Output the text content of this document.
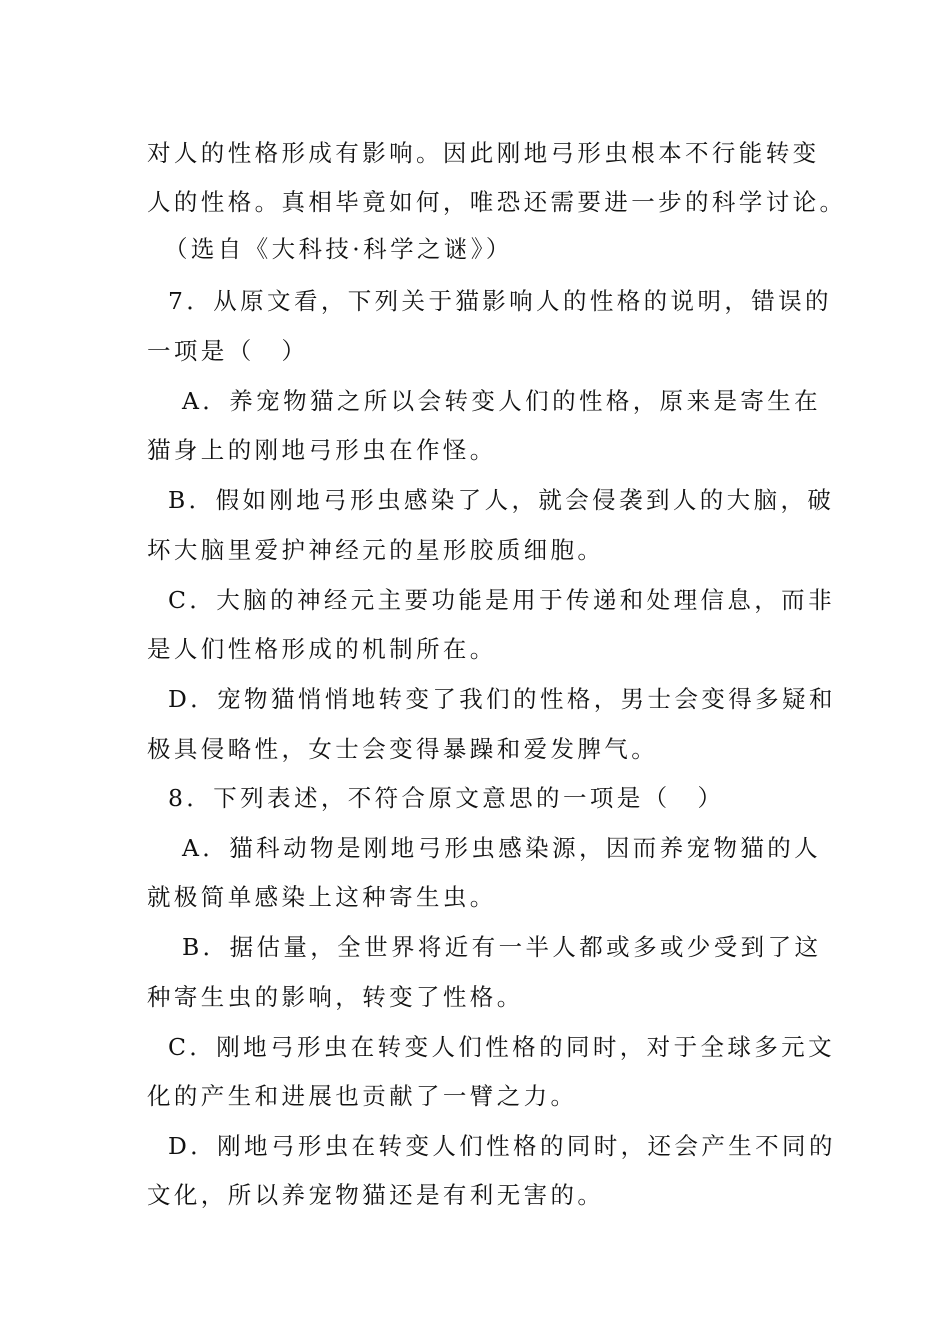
对人的性格形成有影响。因此刚地弓形虫根本不行能转变
人的性格。真相毕竟如何，唯恐还需要进一步的科学讨论。
（选自《大科技·科学之谜》）
7．从原文看，下列关于猫影响人的性格的说明，错误的
一项是（　）
A．养宠物猫之所以会转变人们的性格，原来是寄生在
猫身上的刚地弓形虫在作怪。
B．假如刚地弓形虫感染了人，就会侵袭到人的大脑，破
坏大脑里爱护神经元的星形胶质细胞。
C．大脑的神经元主要功能是用于传递和处理信息，而非
是人们性格形成的机制所在。
D．宠物猫悄悄地转变了我们的性格，男士会变得多疑和
极具侵略性，女士会变得暴躁和爱发脾气。
8．下列表述，不符合原文意思的一项是（　）
A．猫科动物是刚地弓形虫感染源，因而养宠物猫的人
就极简单感染上这种寄生虫。
B．据估量，全世界将近有一半人都或多或少受到了这
种寄生虫的影响，转变了性格。
C．刚地弓形虫在转变人们性格的同时，对于全球多元文
化的产生和进展也贡献了一臂之力。
D．刚地弓形虫在转变人们性格的同时，还会产生不同的
文化，所以养宠物猫还是有利无害的。
